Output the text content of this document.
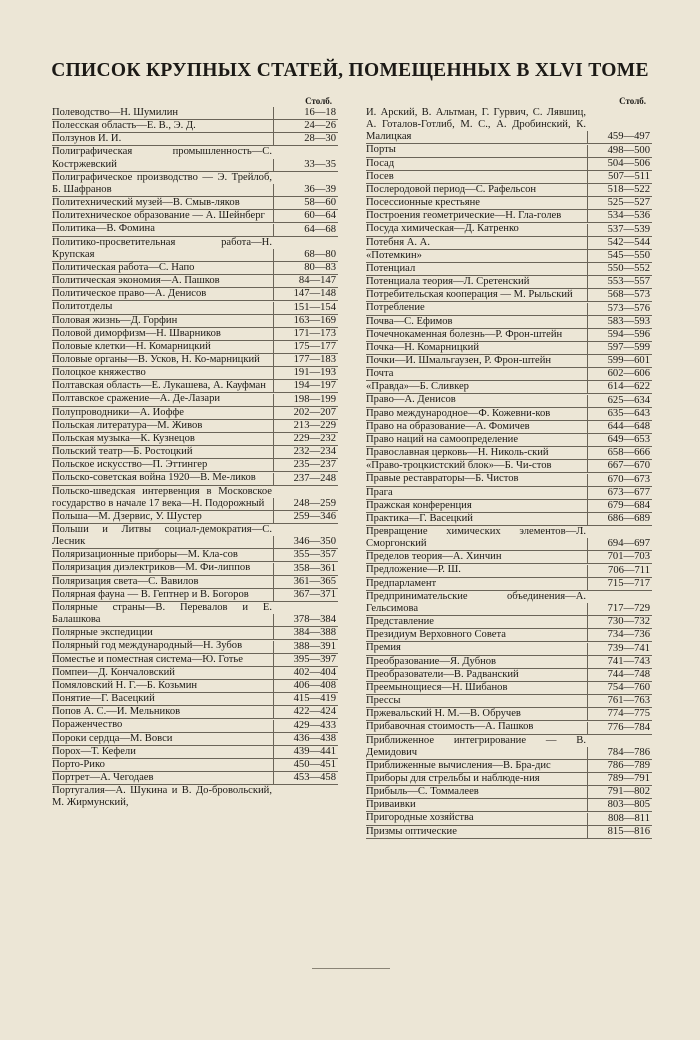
СПИСОК КРУПНЫХ СТАТЕЙ, ПОМЕЩЕННЫХ В XLVI ТОМЕ
Столб.
Полеводство—Н. Шумилин	16—18
Полесская область—Е. В., Э. Д.	24—26
Ползунов И. И.	28—30
Полиграфическая промышленность—С. Костржевский	33—35
Полиграфическое производство — Э. Трейлоб, Б. Шафранов	36—39
Политехнический музей—В. Смыв-ляков	58—60
Политехническое образование — А. Шейнберг	60—64
Политика—В. Фомина	64—68
Политико-просветительная работа—Н. Крупская	68—80
Политическая работа—С. Напо	80—83
Политическая экономия—А. Пашков	84—147
Политическое право—А. Денисов	147—148
Политотделы	151—154
Половая жизнь—Д. Горфин	163—169
Половой диморфизм—Н. Шварников	171—173
Половые клетки—Н. Комарницкий	175—177
Половые органы—В. Усков, Н. Ко-марницкий	177—183
Полоцкое княжество	191—193
Полтавская область—Е. Лукашева, А. Кауфман	194—197
Полтавское сражение—А. Де-Лазари	198—199
Полупроводники—А. Иоффе	202—207
Польская литература—М. Живов	213—229
Польская музыка—К. Кузнецов	229—232
Польский театр—Б. Ростоцкий	232—234
Польское искусство—П. Эттингер	235—237
Польско-советская война 1920—В. Ме-ликов	237—248
Польско-шведская интервенция в Московское государство в начале 17 века—Н. Подорожный	248—259
Польша—М. Дзервис, У. Шустер	259—346
Польши и Литвы социал-демократия—С. Лесник	346—350
Поляризационные приборы—М. Кла-сов	355—357
Поляризация диэлектриков—М. Фи-липпов	358—361
Поляризация света—С. Вавилов	361—365
Полярная фауна — В. Гептнер и В. Богоров	367—371
Полярные страны—В. Перевалов и Е. Балашкова	378—384
Полярные экспедиции	384—388
Полярный год международный—Н. Зубов	388—391
Поместье и поместная система—Ю. Готье	395—397
Помпеи—Д. Кончаловский	402—404
Помяловский Н. Г.—Б. Козьмин	406—408
Понятие—Г. Васецкий	415—419
Попов А. С.—И. Мельников	422—424
Пораженчество	429—433
Пороки сердца—М. Вовси	436—438
Порох—Т. Кефели	439—441
Порто-Рико	450—451
Портрет—А. Чегодаев	453—458
Португалия—А. Шукина и В. До-бровольский, М. Жирмунский,
Столб.
И. Арский, В. Альтман, Г. Гурвич, С. Лявшиц, А. Готалов-Готлиб, М. С., А. Дробинский, К. Малицкая	459—497
Порты	498—500
Посад	504—506
Посев	507—511
Послеродовой период—С. Рафельсон	518—522
Посессионные крестьяне	525—527
Построения геометрические—Н. Гла-голев	534—536
Посуда химическая—Д. Катренко	537—539
Потебня А. А.	542—544
«Потемкин»	545—550
Потенциал	550—552
Потенциала теория—Л. Сретенский	553—557
Потребительская кооперация — М. Рыльский	568—573
Потребление	573—576
Почва—С. Ефимов	583—593
Почечнокаменная болезнь—Р. Фрон-штейн	594—596
Почка—Н. Комарницкий	597—599
Почки—И. Шмальгаузен, Р. Фрон-штейн	599—601
Почта	602—606
«Правда»—Б. Сливкер	614—622
Право—А. Денисов	625—634
Право международное—Ф. Кожевни-ков	635—643
Право на образование—А. Фомичев	644—648
Право наций на самоопределение	649—653
Православная церковь—Н. Николь-ский	658—666
«Право-троцкистский блок»—Б. Чи-стов	667—670
Правые реставраторы—Б. Чистов	670—673
Прага	673—677
Пражская конференция	679—684
Практика—Г. Васецкий	686—689
Превращение химических элементов—Л. Сморгонский	694—697
Пределов теория—А. Хинчин	701—703
Предложение—Р. Ш.	706—711
Предпарламент	715—717
Предпринимательские объединения—А. Гельсимова	717—729
Представление	730—732
Президиум Верховного Совета	734—736
Премия	739—741
Преобразование—Я. Дубнов	741—743
Преобразователи—В. Радванский	744—748
Преемынощиеся—Н. Шибанов	754—760
Прессы	761—763
Пржевальский Н. М.—В. Обручев	774—775
Прибавочная стоимость—А. Пашков	776—784
Приближенное интегрирование — В. Демидович	784—786
Приближенные вычисления—В. Бра-дис	786—789
Приборы для стрельбы и наблюде-ния	789—791
Прибыль—С. Томмалеев	791—802
Приваивки	803—805
Пригородные хозяйства	808—811
Призмы оптические	815—816
